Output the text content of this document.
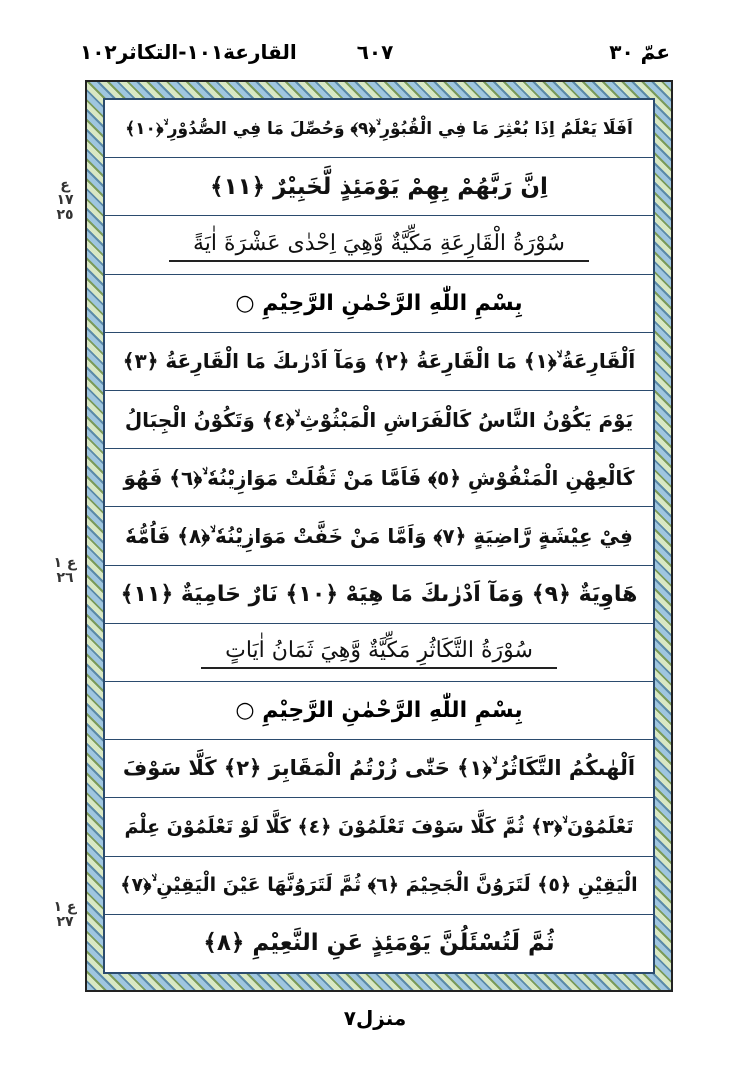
عمّ ٣٠
٦٠٧
القارعة١٠١-التكاثر١٠٢
ع ١٧ ٢٥
ع ١ ٢٦
ع ١ ٢٧
اَفَلَا يَعْلَمُ اِذَا بُعْثِرَ مَا فِي الْقُبُوْرِ ۙ﴿٩﴾ وَحُصِّلَ مَا فِي الصُّدُوْرِ ۙ﴿١٠﴾
اِنَّ رَبَّهُمْ بِهِمْ يَوْمَئِذٍ لَّخَبِيْرٌ ﴿١١﴾
سُوْرَةُ الْقَارِعَةِ مَكِّيَّةٌ وَّهِيَ اِحْدٰى عَشْرَةَ اٰيَةً
بِسْمِ اللّٰهِ الرَّحْمٰنِ الرَّحِيْمِ ○
اَلْقَارِعَةُ ۙ﴿١﴾ مَا الْقَارِعَةُ ﴿٢﴾ وَمَآ اَدْرٰىكَ مَا الْقَارِعَةُ ﴿٣﴾
يَوْمَ يَكُوْنُ النَّاسُ كَالْفَرَاشِ الْمَبْثُوْثِ ۙ﴿٤﴾ وَتَكُوْنُ الْجِبَالُ
كَالْعِهْنِ الْمَنْفُوْشِ ﴿٥﴾ فَاَمَّا مَنْ ثَقُلَتْ مَوَازِيْنُهٗ ۙ﴿٦﴾ فَهُوَ
فِيْ عِيْشَةٍ رَّاضِيَةٍ ﴿٧﴾ وَاَمَّا مَنْ خَفَّتْ مَوَازِيْنُهٗ ۙ﴿٨﴾ فَاُمُّهٗ
هَاوِيَةٌ ﴿٩﴾ وَمَآ اَدْرٰىكَ مَا هِيَهْ ﴿١٠﴾ نَارٌ حَامِيَةٌ ﴿١١﴾
سُوْرَةُ التَّكَاثُرِ مَكِّيَّةٌ وَّهِيَ ثَمَانُ اٰيَاتٍ
بِسْمِ اللّٰهِ الرَّحْمٰنِ الرَّحِيْمِ ○
اَلْهٰىكُمُ التَّكَاثُرُ ۙ﴿١﴾ حَتّٰى زُرْتُمُ الْمَقَابِرَ ﴿٢﴾ كَلَّا سَوْفَ
تَعْلَمُوْنَ ۙ﴿٣﴾ ثُمَّ كَلَّا سَوْفَ تَعْلَمُوْنَ ﴿٤﴾ كَلَّا لَوْ تَعْلَمُوْنَ عِلْمَ
الْيَقِيْنِ ﴿٥﴾ لَتَرَوُنَّ الْجَحِيْمَ ﴿٦﴾ ثُمَّ لَتَرَوُنَّهَا عَيْنَ الْيَقِيْنِ ۙ﴿٧﴾
ثُمَّ لَتُسْئَلُنَّ يَوْمَئِذٍ عَنِ النَّعِيْمِ ﴿٨﴾
منزل٧
